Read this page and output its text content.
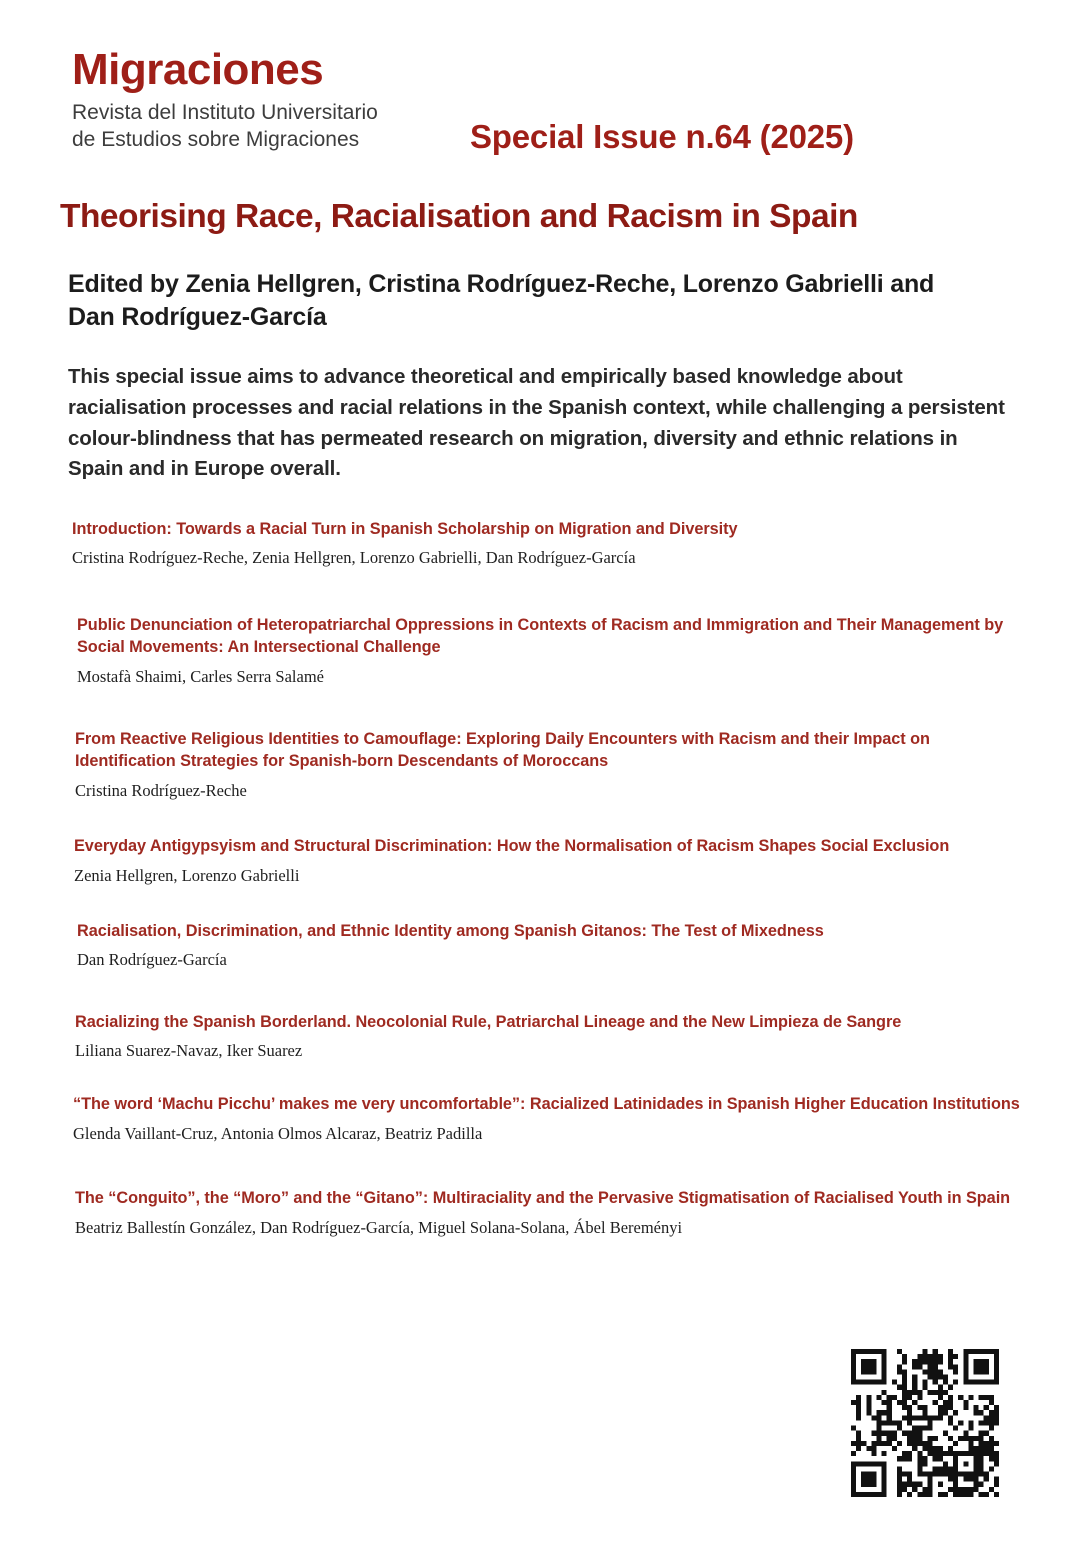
Migraciones
Revista del Instituto Universitario
de Estudios sobre Migraciones	Special Issue n.64 (2025)
Theorising Race, Racialisation and Racism in Spain
Edited by Zenia Hellgren, Cristina Rodríguez-Reche, Lorenzo Gabrielli and Dan Rodríguez-García
This special issue aims to advance theoretical and empirically based knowledge about racialisation processes and racial relations in the Spanish context, while challenging a persistent colour-blindness that has permeated research on migration, diversity and ethnic relations in Spain and in Europe overall.
Introduction: Towards a Racial Turn in Spanish Scholarship on Migration and Diversity
Cristina Rodríguez-Reche, Zenia Hellgren, Lorenzo Gabrielli, Dan Rodríguez-García
Public Denunciation of Heteropatriarchal Oppressions in Contexts of Racism and Immigration and Their Management by Social Movements: An Intersectional Challenge
Mostafà Shaimi, Carles Serra Salamé
From Reactive Religious Identities to Camouflage: Exploring Daily Encounters with Racism and their Impact on Identification Strategies for Spanish-born Descendants of Moroccans
Cristina Rodríguez-Reche
Everyday Antigypsyism and Structural Discrimination: How the Normalisation of Racism Shapes Social Exclusion
Zenia Hellgren, Lorenzo Gabrielli
Racialisation, Discrimination, and Ethnic Identity among Spanish Gitanos: The Test of Mixedness
Dan Rodríguez-García
Racializing the Spanish Borderland. Neocolonial Rule, Patriarchal Lineage and the New Limpieza de Sangre
Liliana Suarez-Navaz, Iker Suarez
“The word ‘Machu Picchu’ makes me very uncomfortable”: Racialized Latinidades in Spanish Higher Education Institutions
Glenda Vaillant-Cruz, Antonia Olmos Alcaraz, Beatriz Padilla
The “Conguito”, the “Moro” and the “Gitano”: Multiraciality and the Pervasive Stigmatisation of Racialised Youth in Spain
Beatriz Ballestín González, Dan Rodríguez-García, Miguel Solana-Solana, Ábel Bereményi
